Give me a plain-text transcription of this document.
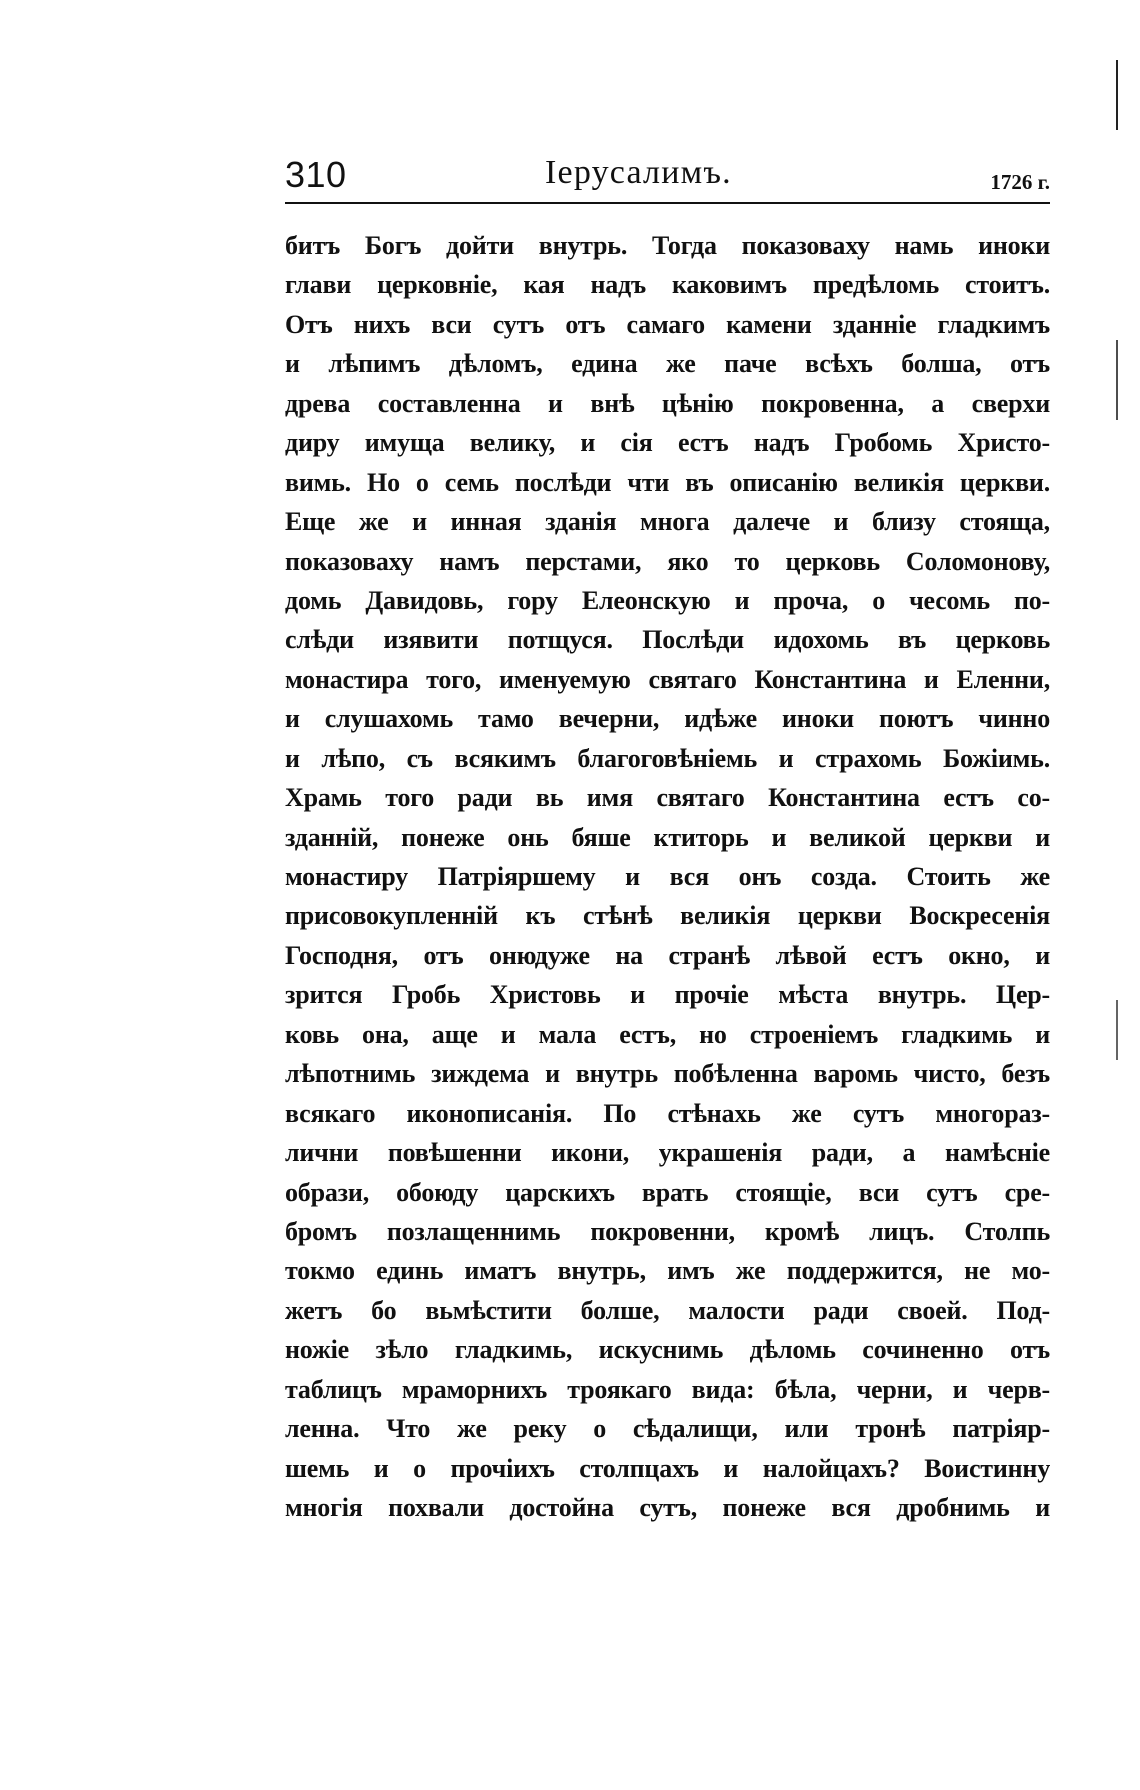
310	Іерусалимъ.	1726 г.
битъ Богъ дойти внутрь. Тогда показоваху намь иноки
глави церковніе, кая надъ каковимъ предѣломь стоитъ.
Отъ нихъ вси сутъ отъ самаго камени зданніе гладкимъ
и лѣпимъ дѣломъ, едина же паче всѣхъ болша, отъ
древа составленна и внѣ цѣнію покровенна, а сверхи
диру имуща велику, и сія естъ надъ Гробомь Христо-
вимь. Но о семь послѣди чти въ описанію великія церкви.
Еще же и инная зданія многа далече и близу стояща,
показоваху намъ перстами, яко то церковь Соломонову,
домь Давидовь, гору Елеонскую и проча, о чесомь по-
слѣди изявити потщуся. Послѣди идохомь въ церковь
монастира того, именуемую святаго Константина и Еленни,
и слушахомь тамо вечерни, идѣже иноки поютъ чинно
и лѣпо, съ всякимъ благоговѣніемь и страхомь Божіимь.
Храмь того ради вь имя святаго Константина естъ со-
зданній, понеже онь бяше ктиторь и великой церкви и
монастиру Патріяршему и вся онъ созда. Стоить же
присовокупленній къ стѣнѣ великія церкви Воскресенія
Господня, отъ онюдуже на странѣ лѣвой естъ окно, и
зрится Гробь Христовь и прочіе мѣста внутрь. Цер-
ковь она, аще и мала естъ, но строеніемъ гладкимь и
лѣпотнимь зиждема и внутрь побѣленна варомь чисто, безъ
всякаго иконописанія. По стѣнахь же сутъ многораз-
лични повѣшенни икони, украшенія ради, а намѣсніе
образи, обоюду царскихъ врать стоящіе, вси сутъ сре-
бромъ позлащеннимь покровенни, кромѣ лицъ. Столпь
токмо единь иматъ внутрь, имъ же поддержится, не мо-
жетъ бо вьмѣстити болше, малости ради своей. Под-
ножіе зѣло гладкимь, искуснимь дѣломь сочиненно отъ
таблицъ мраморнихъ троякаго вида: бѣла, черни, и черв-
ленна. Что же реку о сѣдалищи, или тронѣ патріяр-
шемь и о прочіихъ столпцахъ и налойцахъ? Воистинну
многія похвали достойна сутъ, понеже вся дробнимь и
